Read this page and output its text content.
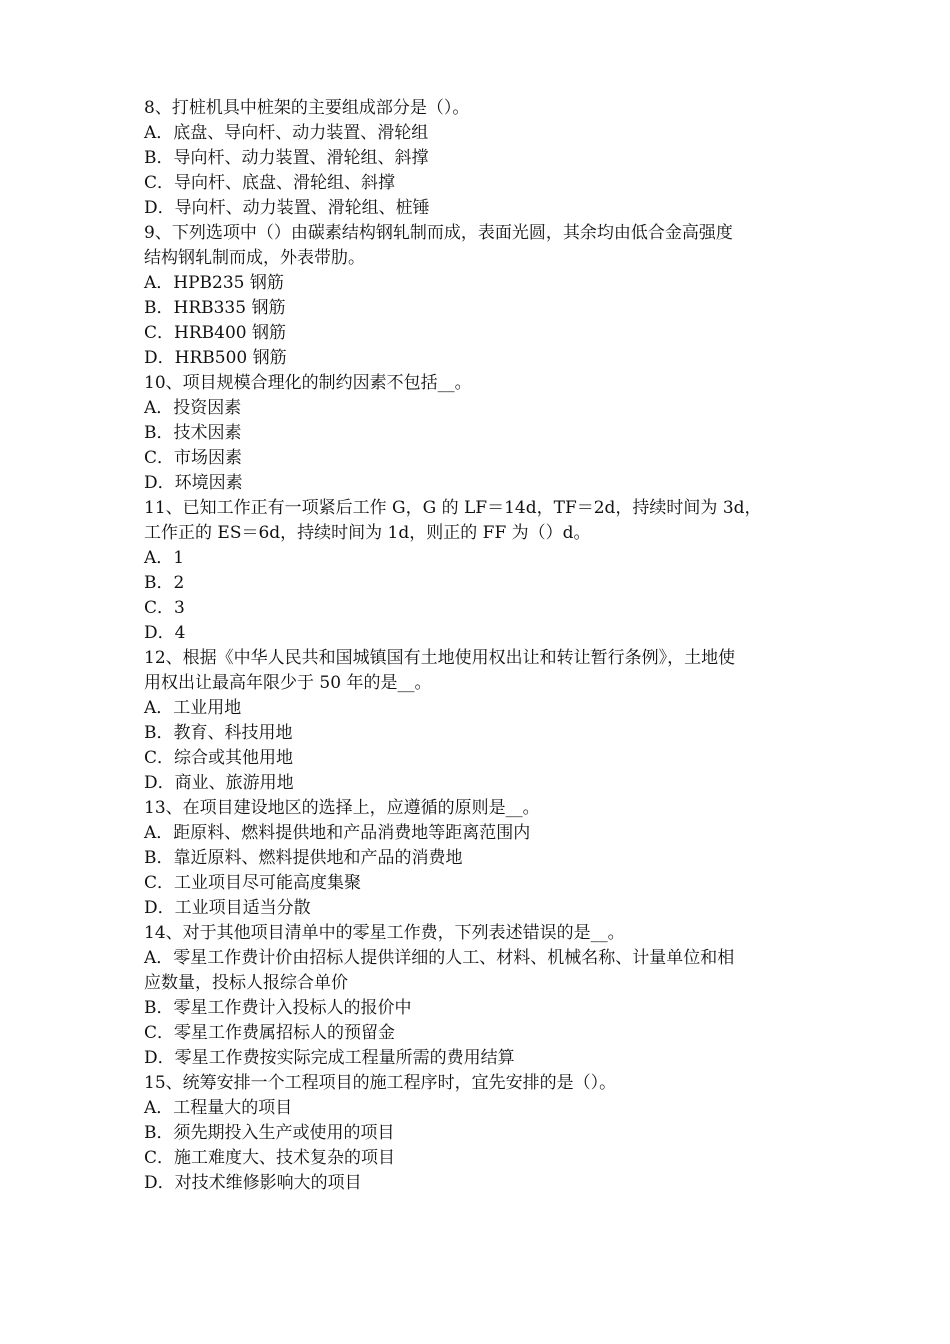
8、打桩机具中桩架的主要组成部分是（）。
A．底盘、导向杆、动力装置、滑轮组
B．导向杆、动力装置、滑轮组、斜撑
C．导向杆、底盘、滑轮组、斜撑
D．导向杆、动力装置、滑轮组、桩锤
9、下列选项中（）由碳素结构钢轧制而成，表面光圆，其余均由低合金高强度
结构钢轧制而成，外表带肋。
A．HPB235 钢筋
B．HRB335 钢筋
C．HRB400 钢筋
D．HRB500 钢筋
10、项目规模合理化的制约因素不包括__。
A．投资因素
B．技术因素
C．市场因素
D．环境因素
11、已知工作正有一项紧后工作 G，G 的 LF＝14d，TF＝2d，持续时间为 3d，
工作正的 ES＝6d，持续时间为 1d，则正的 FF 为（）d。
A．1
B．2
C．3
D．4
12、根据《中华人民共和国城镇国有土地使用权出让和转让暂行条例》，土地使
用权出让最高年限少于 50 年的是__。
A．工业用地
B．教育、科技用地
C．综合或其他用地
D．商业、旅游用地
13、在项目建设地区的选择上，应遵循的原则是__。
A．距原料、燃料提供地和产品消费地等距离范围内
B．靠近原料、燃料提供地和产品的消费地
C．工业项目尽可能高度集聚
D．工业项目适当分散
14、对于其他项目清单中的零星工作费，下列表述错误的是__。
A．零星工作费计价由招标人提供详细的人工、材料、机械名称、计量单位和相
应数量，投标人报综合单价
B．零星工作费计入投标人的报价中
C．零星工作费属招标人的预留金
D．零星工作费按实际完成工程量所需的费用结算
15、统筹安排一个工程项目的施工程序时，宜先安排的是（）。
A．工程量大的项目
B．须先期投入生产或使用的项目
C．施工难度大、技术复杂的项目
D．对技术维修影响大的项目
